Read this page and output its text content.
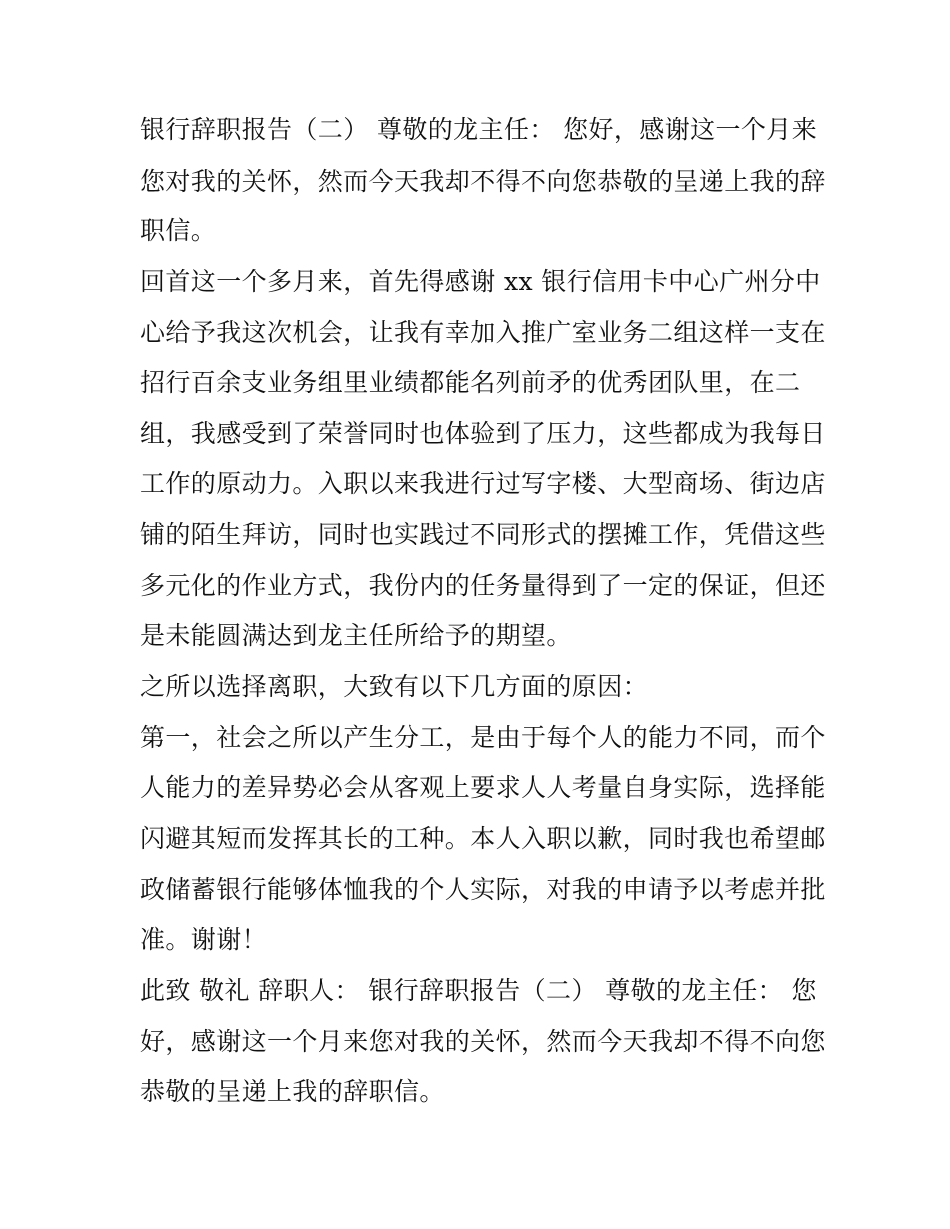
银行辞职报告（二） 尊敬的龙主任： 您好，感谢这一个月来
您对我的关怀，然而今天我却不得不向您恭敬的呈递上我的辞
职信。
回首这一个多月来，首先得感谢 xx 银行信用卡中心广州分中
心给予我这次机会，让我有幸加入推广室业务二组这样一支在
招行百余支业务组里业绩都能名列前矛的优秀团队里，在二
组，我感受到了荣誉同时也体验到了压力，这些都成为我每日
工作的原动力。入职以来我进行过写字楼、大型商场、街边店
铺的陌生拜访，同时也实践过不同形式的摆摊工作，凭借这些
多元化的作业方式，我份内的任务量得到了一定的保证，但还
是未能圆满达到龙主任所给予的期望。
之所以选择离职，大致有以下几方面的原因：
第一，社会之所以产生分工，是由于每个人的能力不同，而个
人能力的差异势必会从客观上要求人人考量自身实际，选择能
闪避其短而发挥其长的工种。本人入职以歉，同时我也希望邮
政储蓄银行能够体恤我的个人实际，对我的申请予以考虑并批
准。谢谢！
此致 敬礼 辞职人： 银行辞职报告（二） 尊敬的龙主任： 您
好，感谢这一个月来您对我的关怀，然而今天我却不得不向您
恭敬的呈递上我的辞职信。
